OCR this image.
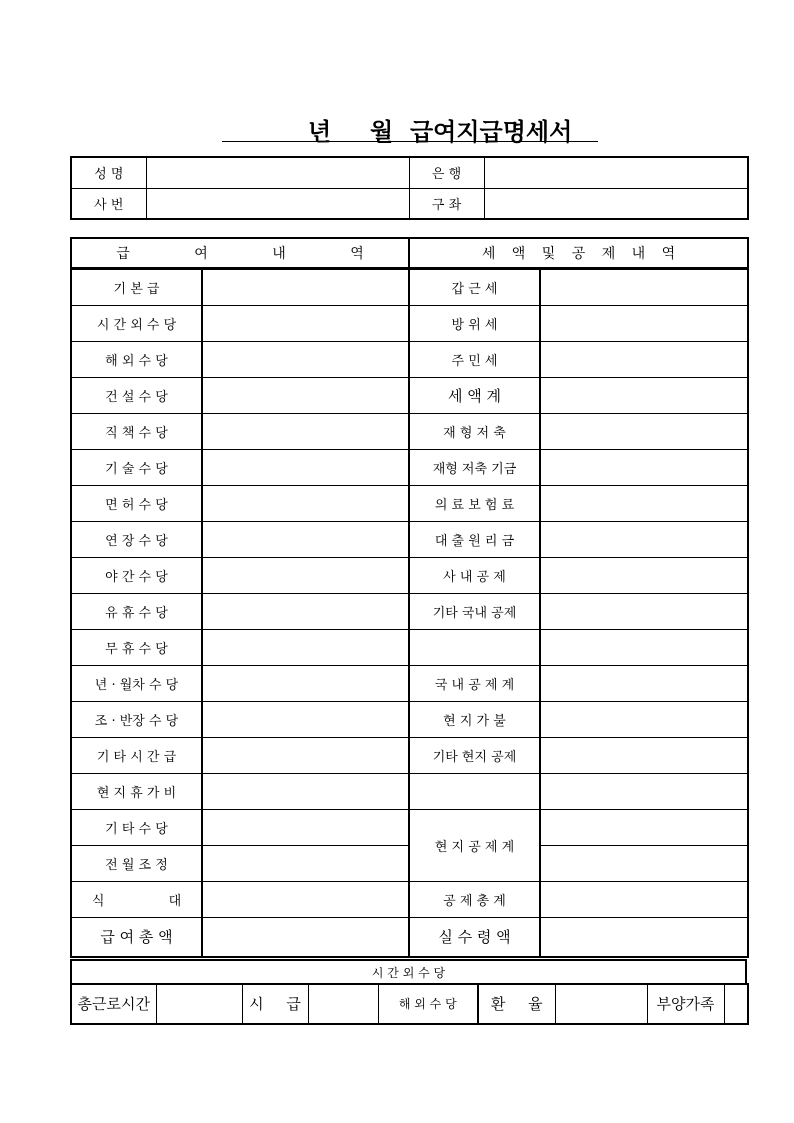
년 월 급여지급명세서
성 명		은 행	
사 번		구 좌	
급 여 내 역	세 액 및 공 제 내 역
기 본 급		갑 근 세	
시 간 외 수 당		방 위 세	
해 외 수 당		주 민 세	
건 설 수 당		세 액 계	
직 책 수 당		재 형 저 축	
기 술 수 당		재형 저축 기금	
면 허 수 당		의 료 보 험 료	
연 장 수 당		대 출 원 리 금	
야 간 수 당		사 내 공 제	
유 휴 수 당		기타 국내 공제	
무 휴 수 당			
년 · 월차 수 당		국 내 공 제 계	
조 · 반장 수 당		현 지 가 불	
기 타 시 간 급		기타 현지 공제	
현 지 휴 가 비			
기 타 수 당		현 지 공 제 계	
전 월 조 정			
식 대		공 제 총 계	
급 여 총 액		실 수 령 액	
시 간 외 수 당
총근로시간		시 급		해 외 수 당	환 율		부양가족	
